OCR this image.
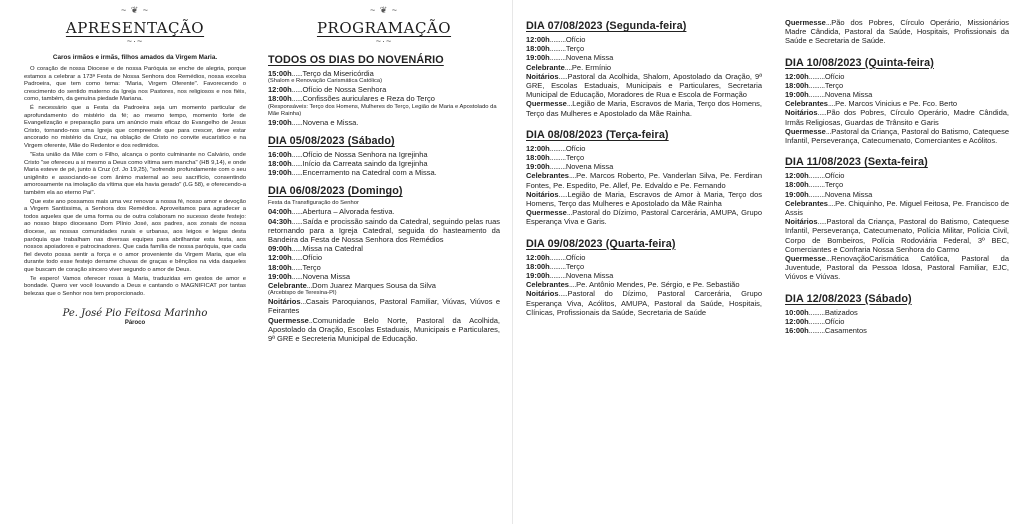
~ ❦ ~
APRESENTAÇÃO
~·~
Caros irmãos e irmãs, filhos amados da Virgem Maria.

O coração de nossa Diocese e de nossa Paróquia se enche de alegria, porque estamos a celebrar a 173ª Festa de Nossa Senhora dos Remédios, nossa excelsa Padroeira, que tem como tema: "Maria, Virgem Oferente". Favorecendo o crescimento do sentido materno da Igreja nos Pastores, nos religiosos e nos fiéis, como, também, da genuína piedade Mariana.

É necessário que a Festa da Padroeira seja um momento particular de aprofundamento do mistério da fé; ao mesmo tempo, momento forte de Evangelização e preparação para um anúncio mais eficaz do Evangelho de Jesus Cristo, tornando-nos uma Igreja que compreende que para crescer, deve estar ancorado no mistério da Cruz, na oblação de Cristo no convite eucarístico e na Virgem oferente, Mãe do Redentor e dos redimidos.

"Esta união da Mãe com o Filho, alcança o ponto culminante no Calvário, onde Cristo "se ofereceu a si mesmo a Deus como vítima sem mancha" (HB 9,14), e onde Maria esteve de pé, junto à Cruz (cf. Jo 19,25), "sofrendo profundamente com o seu unigênito e associando-se com ânimo maternal ao seu sacrifício, consentindo amorosamente na imolação da vítima que ela havia gerado" (LG 58), e oferecendo-a também ela ao eterno Pai".

Que este ano possamos mais uma vez renovar a nossa fé, nosso amor e devoção a Virgem Santíssima, a Senhora dos Remédios. Aproveitamos para agradecer a todos aqueles que de uma forma ou de outra colaboram no sucesso deste festejo: ao nosso bispo diocesano Dom Plínio José, aos padres, aos zonais de nossa diocese, as nossas comunidades rurais e urbanas, aos leigos e leigas desta paróquia que trabalham nas diversas equipes para abrilhantar esta festa, aos nossos apoiadores e patrocinadores. Que cada família de nossa paróquia, que cada fiel devoto possa sentir a força e o amor proveniente da Virgem Maria, que ela durante todo esse festejo derrame chuvas de graças e bênçãos na vida daqueles que buscam de coração sincero viver segundo o amor de Deus.

Te espero! Vamos oferecer rosas à Maria, traduzidas em gestos de amor e bondade. Quero ver você louvando a Deus e cantando o MAGNIFICAT por tantas belezas que o Senhor nos tem proporcionado.

Pe. José Pio Feitosa Marinho
Pároco
~ ❦ ~
PROGRAMAÇÃO
~·~
TODOS OS DIAS DO NOVENÁRIO
15:00h......Terço da Misericórdia
(Shalom e Renovação Carismática Católica)
12:00h......Ofício de Nossa Senhora
18:00h......Confissões auriculares e Reza do Terço
(Responsáveis: Terço dos Homens, Mulheres do Terço, Legião de Maria e Apostolado da Mãe Rainha)
19:00h......Novena e Missa.
DIA 05/08/2023 (Sábado)
16:00h......Ofício de Nossa Senhora na Igrejinha
18:00h......Início da Carreata saindo da Igrejinha
19:00h......Encerramento na Catedral com a Missa.
DIA 06/08/2023 (Domingo)
Festa da Transfiguração do Senhor
04:00h......Abertura – Alvorada festiva.
04:30h......Saída e procissão saindo da Catedral, seguindo pelas ruas retornando para a Igreja Catedral, seguida do hasteamento da Bandeira da Festa de Nossa Senhora dos Remédios
09:00h......Missa na Catedral
12:00h......Ofício
18:00h......Terço
19:00h......Novena Missa
Celebrante...Dom Juarez Marques Sousa da Silva
(Arcebispo de Teresina-PI)
Noitários...Casais Paroquianos, Pastoral Familiar, Viúvas, Viúvos e Feirantes
Quermesse..Comunidade Belo Norte, Pastoral da Acolhida, Apostolado da Oração, Escolas Estaduais, Municipais e Particulares, 9ª GRE e Secreteria Municipal de Educação.
DIA 07/08/2023 (Segunda-feira)
12:00h.........Ofício
18:00h.........Terço
19:00h.........Novena Missa
Celebrante....Pe. Ermínio
Noitários.....Pastoral da Acolhida, Shalom, Apostolado da Oração, 9ª GRE, Escolas Estaduais, Municipais e Particulares, Secretaria Municipal de Educação, Moradores de Rua e Escola de Formação
Quermesse...Legião de Maria, Escravos de Maria, Terço dos Homens, Terço das Mulheres e Apostolado da Mãe Rainha.
DIA 08/08/2023 (Terça-feira)
12:00h.........Ofício
18:00h.........Terço
19:00h.........Novena Missa
Celebrantes....Pe. Marcos Roberto, Pe. Vanderlan Silva, Pe. Ferdiran Fontes, Pe. Espedito, Pe. Allef, Pe. Edvaldo e Pe. Fernando
Noitários.....Legião de Maria, Escravos de Amor à Maria, Terço dos Homens, Terço das Mulheres e Apostolado da Mãe Rainha
Quermesse...Pastoral do Dízimo, Pastoral Carcerária, AMUPA, Grupo Esperança Viva e Garis.
DIA 09/08/2023 (Quarta-feira)
12:00h.........Ofício
18:00h.........Terço
19:00h.........Novena Missa
Celebrantes....Pe. Antônio Mendes, Pe. Sérgio, e Pe. Sebastião
Noitários.....Pastoral do Dízimo, Pastoral Carcerária, Grupo Esperança Viva, Acólitos, AMUPA, Pastoral da Saúde, Hospitais, Clínicas, Profissionais da Saúde, Secretaria de Saúde
Quermesse...Pão dos Pobres, Círculo Operário, Missionários Madre Cândida, Pastoral da Saúde, Hospitais, Profissionais da Saúde e Secretaria de Saúde.
DIA 10/08/2023 (Quinta-feira)
12:00h.........Ofício
18:00h.........Terço
19:00h.........Novena Missa
Celebrantes....Pe. Marcos Vinicius e Pe. Fco. Berto
Noitários.....Pão dos Pobres, Círculo Operário, Madre Cândida, Irmãs Religiosas, Guardas de Trânsito e Garis
Quermesse...Pastoral da Criança, Pastoral do Batismo, Catequese Infantil, Perseverança, Catecumenato, Comerciantes e Acólitos.
DIA 11/08/2023 (Sexta-feira)
12:00h.........Ofício
18:00h.........Terço
19:00h.........Novena Missa
Celebrantes....Pe. Chiquinho, Pe. Miguel Feitosa, Pe. Francisco de Assis
Noitários.....Pastoral da Criança, Pastoral do Batismo, Catequese Infantil, Perseverança, Catecumenato, Polícia Militar, Polícia Civil, Corpo de Bombeiros, Polícia Rodoviária Federal, 3º BEC, Comerciantes e Confraria Nossa Senhora do Carmo
Quermesse...RenovaçãoCarismática Católica, Pastoral da Juventude, Pastoral da Pessoa Idosa, Pastoral Familiar, EJC, Viúvos e Viúvas.
DIA 12/08/2023 (Sábado)
10:00h.........Batizados
12:00h.........Ofício
16:00h.........Casamentos
